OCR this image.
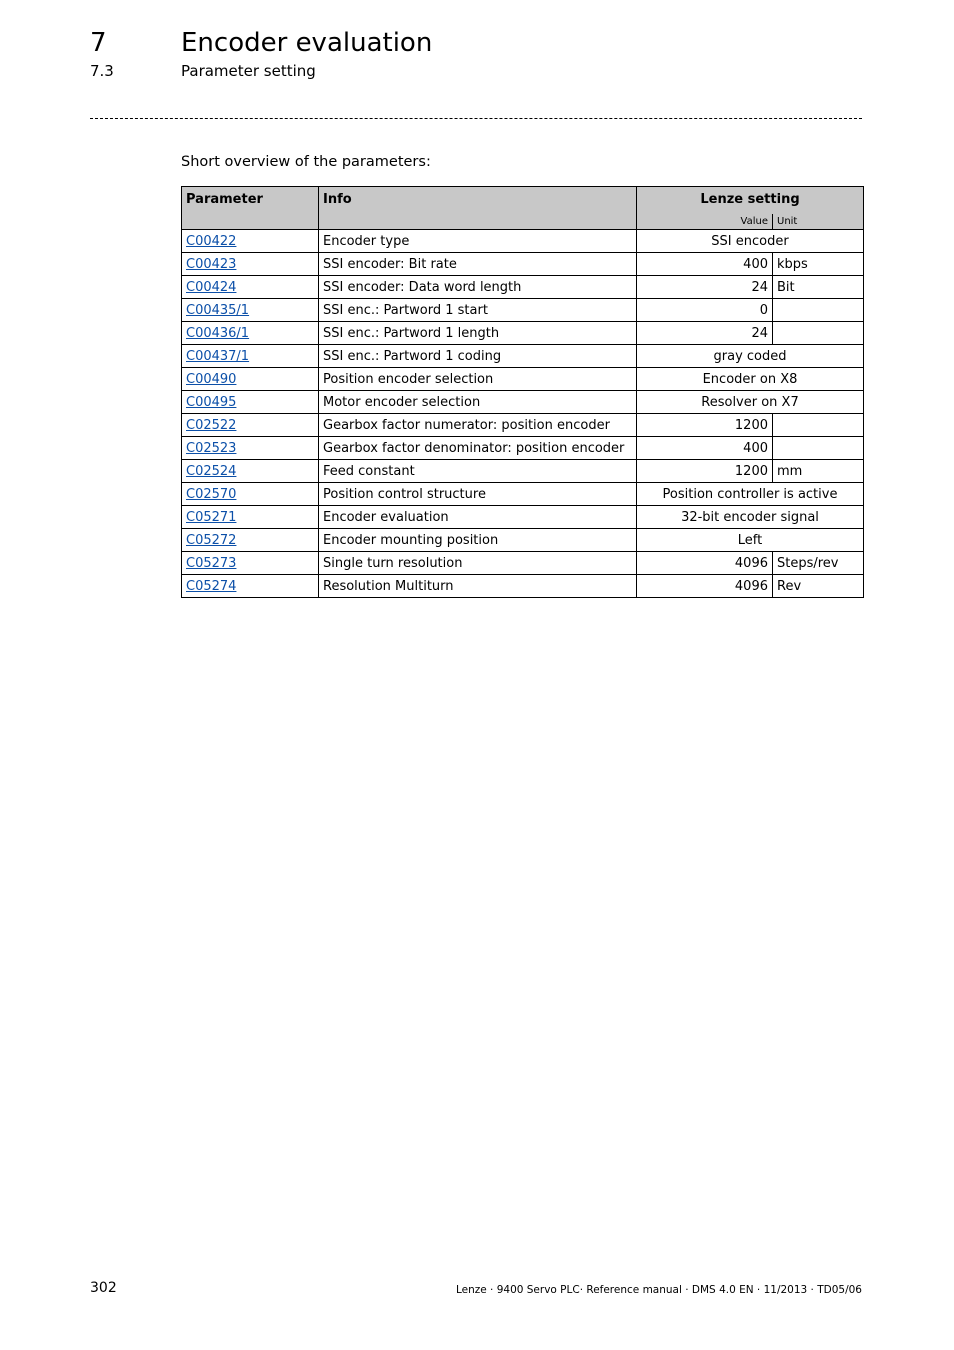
7	Encoder evaluation
7.3	Parameter setting
Short overview of the parameters:
Parameter	Info	Lenze setting	
		Value	Unit
C00422	Encoder type	SSI encoder	
C00423	SSI encoder: Bit rate	400	kbps
C00424	SSI encoder: Data word length	24	Bit
C00435/1	SSI enc.: Partword 1 start	0	
C00436/1	SSI enc.: Partword 1 length	24	
C00437/1	SSI enc.: Partword 1 coding	gray coded	
C00490	Position encoder selection	Encoder on X8	
C00495	Motor encoder selection	Resolver on X7	
C02522	Gearbox factor numerator: position encoder	1200	
C02523	Gearbox factor denominator: position encoder	400	
C02524	Feed constant	1200	mm
C02570	Position control structure	Position controller is active	
C05271	Encoder evaluation	32-bit encoder signal	
C05272	Encoder mounting position	Left	
C05273	Single turn resolution	4096	Steps/rev
C05274	Resolution Multiturn	4096	Rev
302	Lenze · 9400 Servo PLC· Reference manual · DMS 4.0 EN · 11/2013 · TD05/06
